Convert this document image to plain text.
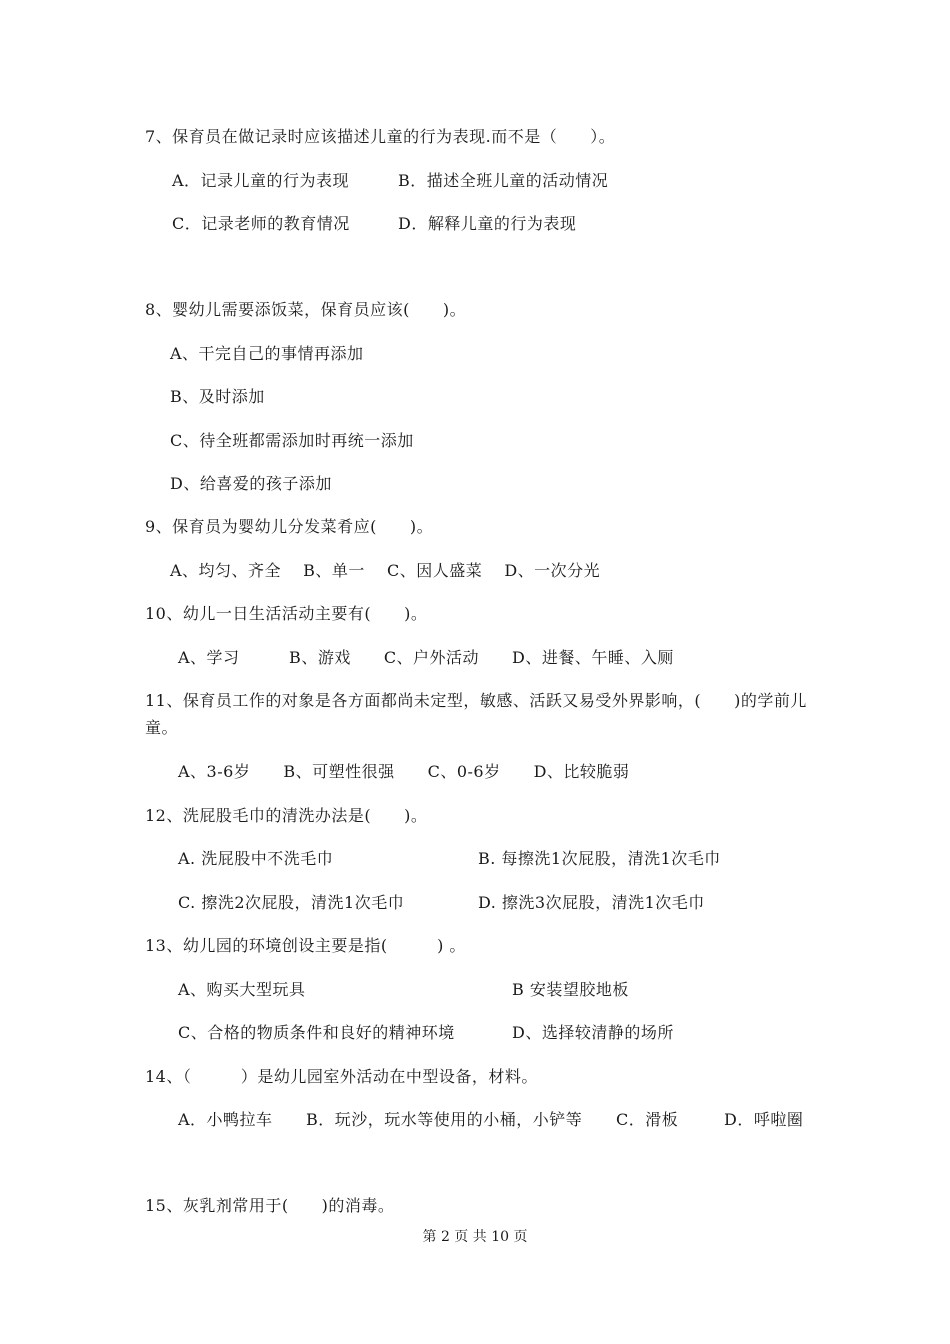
7、保育员在做记录时应该描述儿童的行为表现.而不是（　　）。
A．记录儿童的行为表现	B．描述全班儿童的活动情况
C．记录老师的教育情况	D．解释儿童的行为表现
8、婴幼儿需要添饭菜，保育员应该(　　)。
A、干完自己的事情再添加
B、及时添加
C、待全班都需添加时再统一添加
D、给喜爱的孩子添加
9、保育员为婴幼儿分发菜肴应(　　)。
A、均匀、齐全　 B、单一　 C、因人盛菜　 D、一次分光
10、幼儿一日生活活动主要有(　　)。
A、学习　　　B、游戏　　C、户外活动　　D、进餐、午睡、入厕
11、保育员工作的对象是各方面都尚未定型，敏感、活跃又易受外界影响，(　　)的学前儿
童。
A、3-6岁　　B、可塑性很强　　C、0-6岁　　D、比较脆弱
12、洗屁股毛巾的清洗办法是(　　)。
A. 洗屁股中不洗毛巾	B. 每擦洗1次屁股，清洗1次毛巾
C. 擦洗2次屁股，清洗1次毛巾	D. 擦洗3次屁股，清洗1次毛巾
13、幼儿园的环境创设主要是指(　　　) 。
A、购买大型玩具	B 安装望胶地板
C、合格的物质条件和良好的精神环境	D、选择较清静的场所
14、（　　　）是幼儿园室外活动在中型设备，材料。
A．小鸭拉车 B．玩沙，玩水等使用的小桶，小铲等 C．滑板	D．呼啦圈
15、灰乳剂常用于(　　)的消毒。
第 2 页 共 10 页
